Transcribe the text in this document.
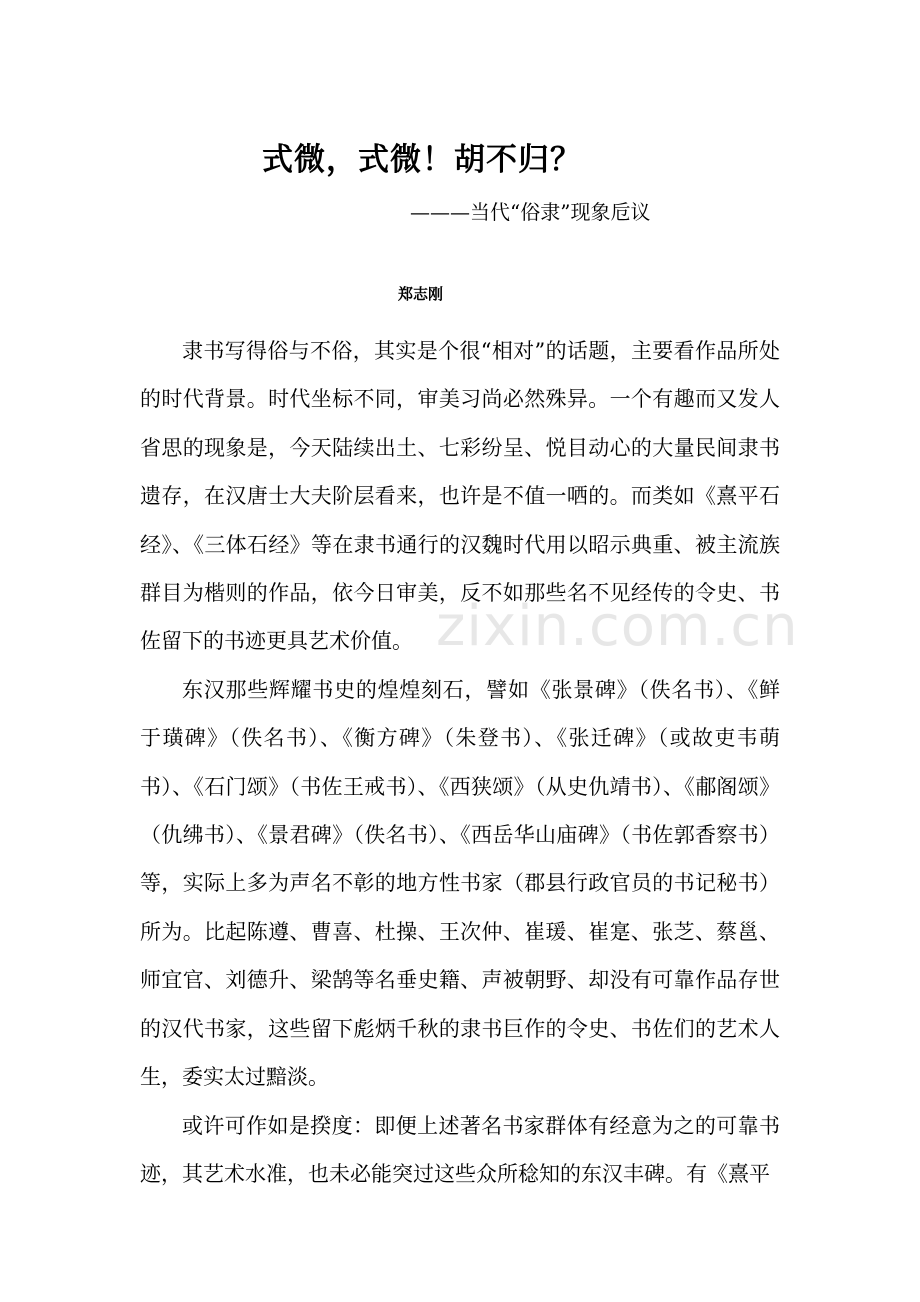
式微，式微！胡不归？
———当代“俗隶”现象卮议
郑志刚

隶书写得俗与不俗，其实是个很“相对”的话题，主要看作品所处的时代背景。时代坐标不同，审美习尚必然殊异。一个有趣而又发人省思的现象是，今天陆续出土、七彩纷呈、悦目动心的大量民间隶书遗存，在汉唐士大夫阶层看来，也许是不值一哂的。而类如《熹平石经》、《三体石经》等在隶书通行的汉魏时代用以昭示典重、被主流族群目为楷则的作品，依今日审美，反不如那些名不见经传的令史、书佐留下的书迹更具艺术价值。

东汉那些辉耀书史的煌煌刻石，譬如《张景碑》（佚名书）、《鲜于璜碑》（佚名书）、《衡方碑》（朱登书）、《张迁碑》（或故吏韦萌书）、《石门颂》（书佐王戒书）、《西狭颂》（从史仇靖书）、《郙阁颂》（仇绋书）、《景君碑》（佚名书）、《西岳华山庙碑》（书佐郭香察书）等，实际上多为声名不彰的地方性书家（郡县行政官员的书记秘书）所为。比起陈遵、曹喜、杜操、王次仲、崔瑗、崔寔、张芝、蔡邕、师宜官、刘德升、梁鹄等名垂史籍、声被朝野、却没有可靠作品存世的汉代书家，这些留下彪炳千秋的隶书巨作的令史、书佐们的艺术人生，委实太过黯淡。

或许可作如是揆度：即便上述著名书家群体有经意为之的可靠书迹，其艺术水准，也未必能突过这些众所稔知的东汉丰碑。有《熹平

zixin.com.cn
